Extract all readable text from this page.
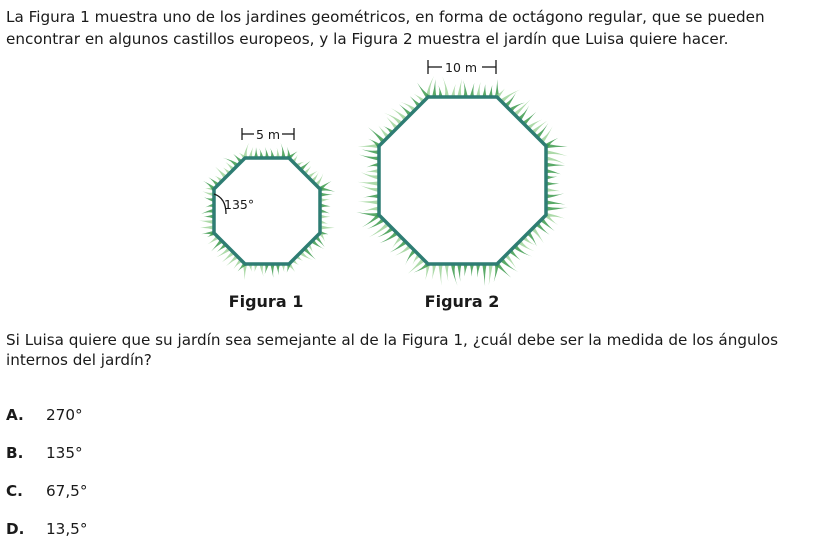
La Figura 1 muestra uno de los jardines geométricos, en forma de octágono regular, que se pueden encontrar en algunos castillos europeos, y la Figura 2 muestra el jardín que Luisa quiere hacer.

135°
5 m
10 m
Figura 1	Figura 2

Si Luisa quiere que su jardín sea semejante al de la Figura 1, ¿cuál debe ser la medida de los ángulos internos del jardín?

A.	270°
B.	135°
C.	67,5°
D.	13,5°
